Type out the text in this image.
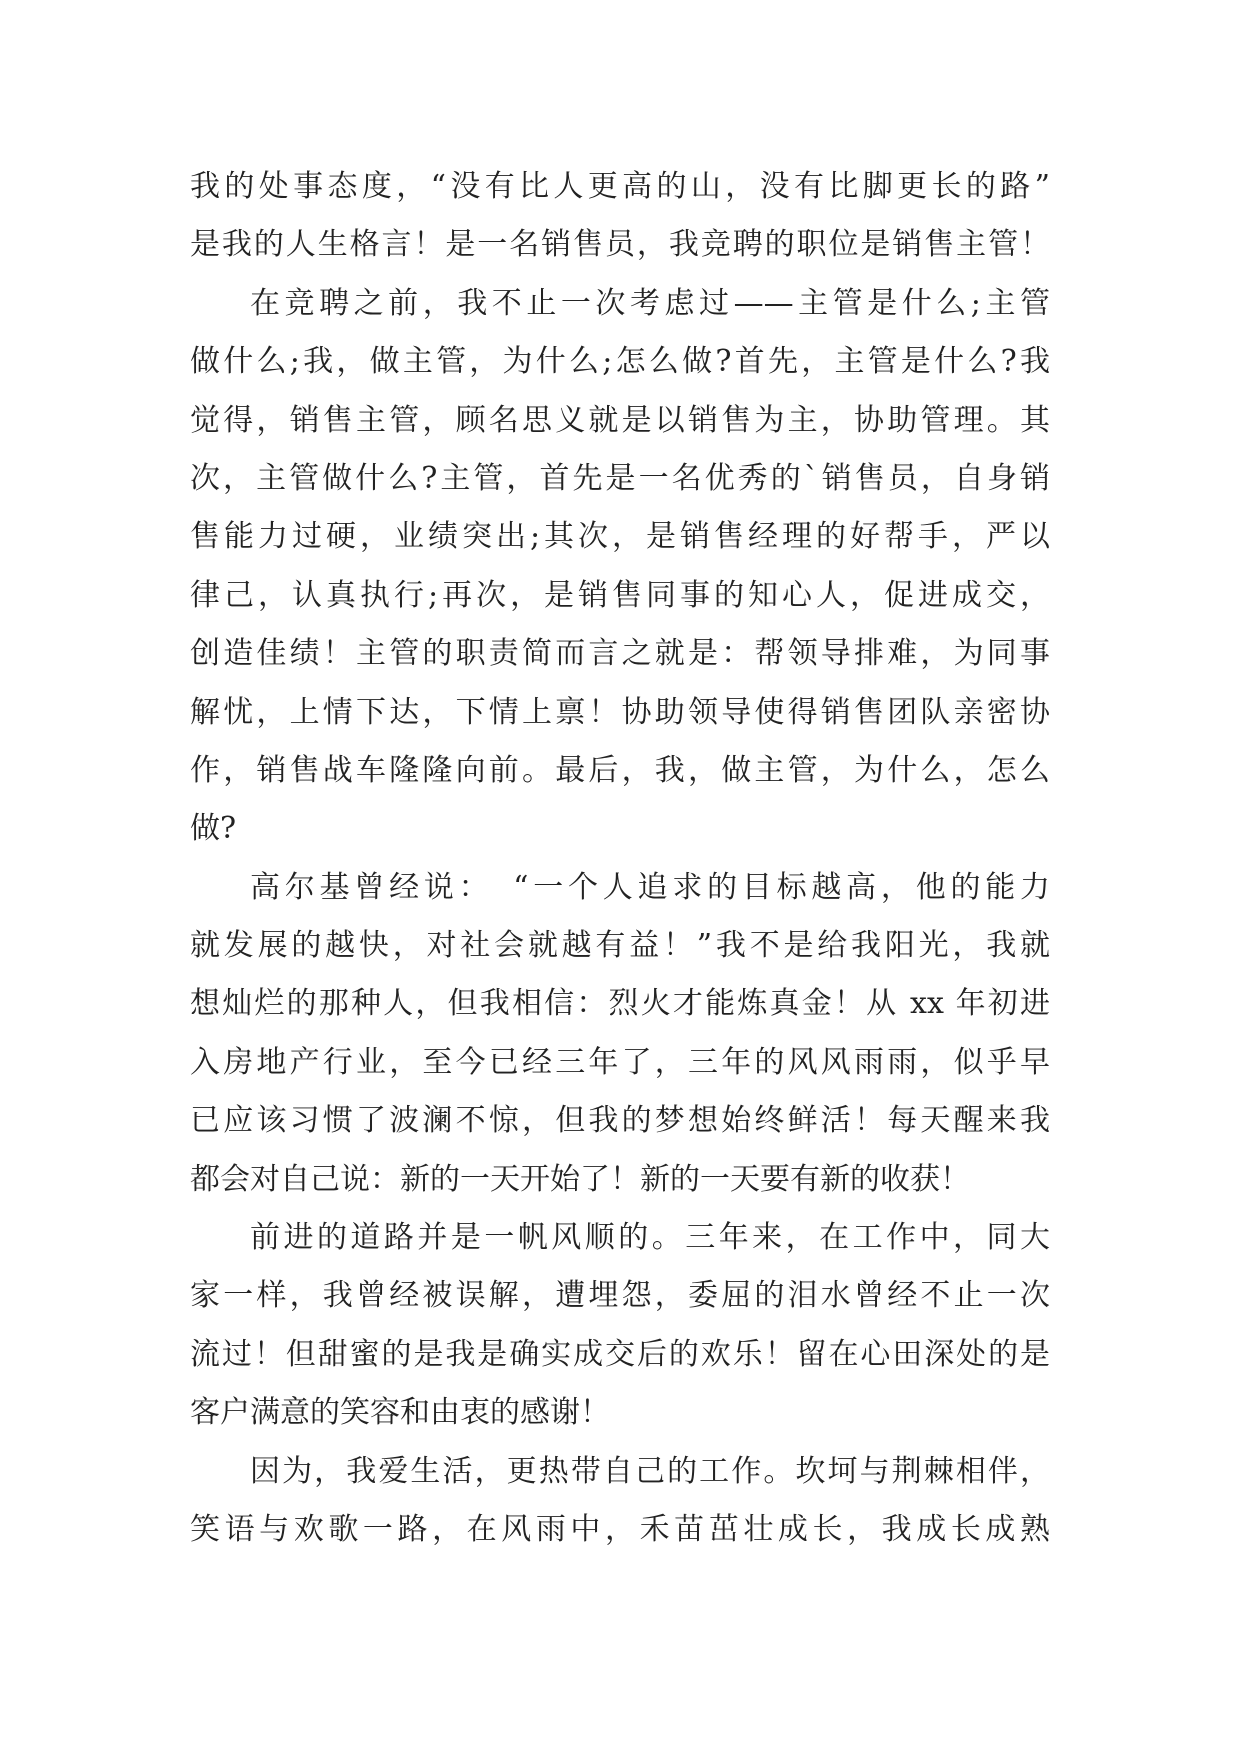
我的处事态度，“没有比人更高的山，没有比脚更长的路”
是我的人生格言！是一名销售员，我竞聘的职位是销售主管！
在竞聘之前，我不止一次考虑过——主管是什么;主管
做什么;我，做主管，为什么;怎么做?首先，主管是什么?我
觉得，销售主管，顾名思义就是以销售为主，协助管理。其
次，主管做什么?主管，首先是一名优秀的`销售员，自身销
售能力过硬，业绩突出;其次，是销售经理的好帮手，严以
律己，认真执行;再次，是销售同事的知心人，促进成交，
创造佳绩！主管的职责简而言之就是：帮领导排难，为同事
解忧，上情下达，下情上禀！协助领导使得销售团队亲密协
作，销售战车隆隆向前。最后，我，做主管，为什么，怎么
做?
高尔基曾经说：　“一个人追求的目标越高，他的能力
就发展的越快，对社会就越有益！”我不是给我阳光，我就
想灿烂的那种人，但我相信：烈火才能炼真金！从 xx 年初进
入房地产行业，至今已经三年了，三年的风风雨雨，似乎早
已应该习惯了波澜不惊，但我的梦想始终鲜活！每天醒来我
都会对自己说：新的一天开始了！新的一天要有新的收获！
前进的道路并是一帆风顺的。三年来，在工作中，同大
家一样，我曾经被误解，遭埋怨，委屈的泪水曾经不止一次
流过！但甜蜜的是我是确实成交后的欢乐！留在心田深处的是
客户满意的笑容和由衷的感谢！
因为，我爱生活，更热带自己的工作。坎坷与荆棘相伴，
笑语与欢歌一路，在风雨中，禾苗茁壮成长，我成长成熟
